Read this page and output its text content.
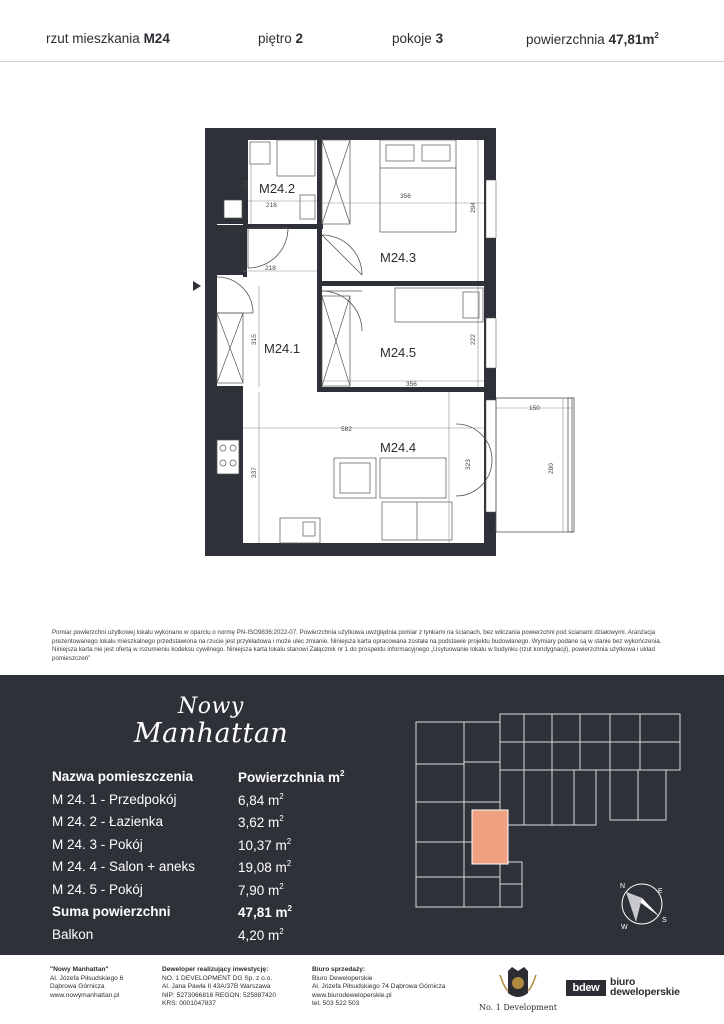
rzut mieszkania M24	piętro 2	pokoje 3	powierzchnia $47,81m^2$
M24.2
M24.3
M24.1	M24.5
M24.4
184
216
356
294
218
315	222
356
582
337
323
150
280
Pomiar powierzchni użytkowej lokalu wykonano w oparciu o normę PN-ISO9836:2022-07. Powierzchnia użytkowa uwzględnia pomiar z tynkami na ścianach, bez wliczania powierzchni pod ścianami działowymi. Aranżacja prezentowanego lokalu mieszkalnego przedstawiona na rzucie jest przykładowa i może ulec zmianie. Niniejsza karta opracowana została na podstawie projektu budowlanego. Wymiary podane są w stanie bez wykończenia. Niniejsza karta nie jest ofertą w rozumieniu kodeksu cywilnego. Niniejsza karta lokalu stanowi Załącznik nr 1 do prospektu informacyjnego „Usytuowanie lokalu w budynku (rzut kondygnacji), powierzchnia użytkowa i układ pomieszczeń”
Nowy
Manhattan
Nazwa pomieszczenia	Powierzchnia $m^2$
M 24. 1 - Przedpokój	6,84 $m^2$
M 24. 2 - Łazienka	3,62 $m^2$
M 24. 3 - Pokój	10,37 $m^2$
M 24. 4 - Salon + aneks	19,08 $m^2$
M 24. 5 - Pokój	7,90 $m^2$
Suma powierzchni	47,81 $m^2$
Balkon	4,20 $m^2$
N
E
S
W
"Nowy Manhattan"
Al. Józefa Piłsudskiego 6
Dąbrowa Górnicza
www.nowymanhattan.pl
Deweloper realizujący inwestycję:
NO. 1 DEVELOPMENT DG Sp. z o.o.
Al. Jana Pawła II 43A/37B Warszawa
NIP: 5273066816 REGON: 525887420
KRS: 0001047837
Biuro sprzedaży:
Biuro Deweloperskie
Al. Józefa Piłsudskiego 74 Dąbrowa Górnicza
www.biurodeweloperskie.pl
tel. 503 522 503	No. 1 Development
bdew	biuro
deweloperskie
